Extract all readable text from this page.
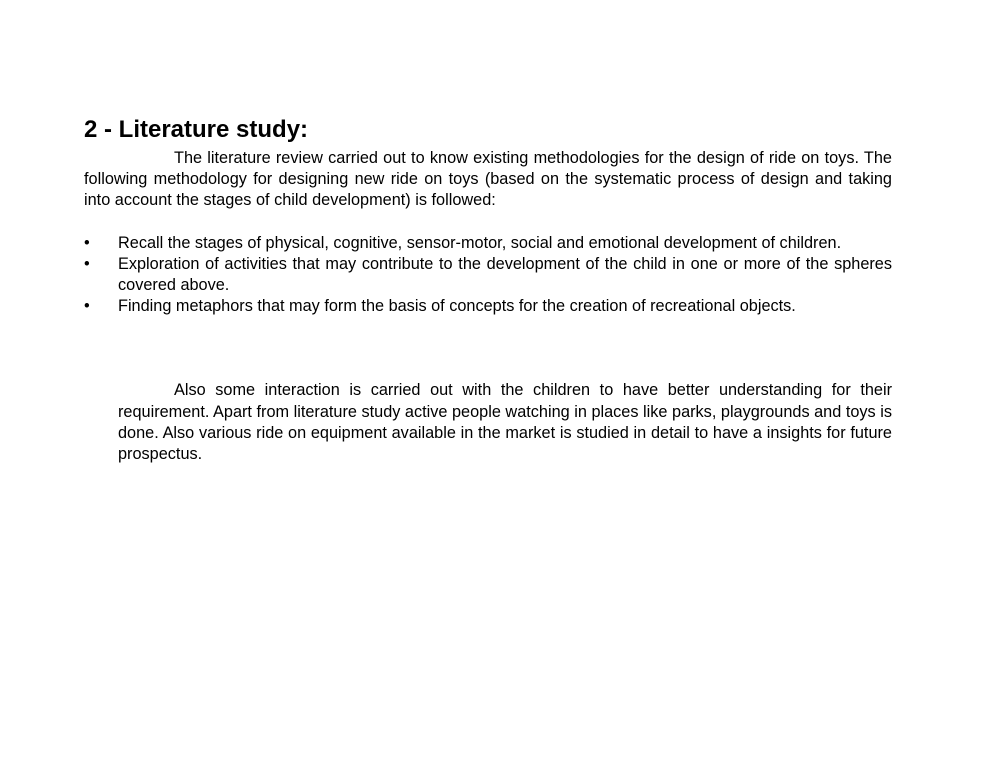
2 - Literature study:

The literature review carried out to know existing methodologies for the design of ride on toys. The following methodology for designing new ride on toys (based on the systematic process of design and taking into account the stages of child development) is followed:

•	Recall the stages of physical, cognitive, sensor-motor, social and emotional development of children.
•	Exploration of activities that may contribute to the development of the child in one or more of the spheres covered above.
•	Finding metaphors that may form the basis of concepts for the creation of recreational objects.

Also some interaction is carried out with the children to have better understanding for their requirement. Apart from literature study active people watching in places like parks, playgrounds and toys is done. Also various ride on equipment available in the market is studied in detail to have a insights for future prospectus.
